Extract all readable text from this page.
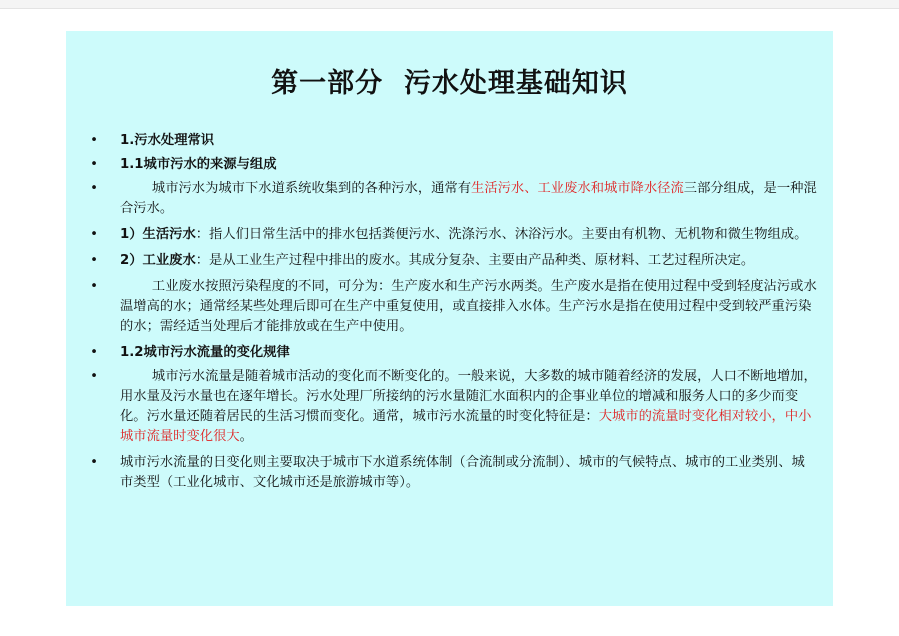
第一部分  污水处理基础知识
• 1.污水处理常识
• 1.1城市污水的来源与组成
•	城市污水为城市下水道系统收集到的各种污水，通常有生活污水、工业废水和城市降水径流三部分组成，是一种混合污水。
• 1）生活污水：指人们日常生活中的排水包括粪便污水、洗涤污水、沐浴污水。主要由有机物、无机物和微生物组成。
• 2）工业废水：是从工业生产过程中排出的废水。其成分复杂、主要由产品种类、原材料、工艺过程所决定。
•	工业废水按照污染程度的不同，可分为：生产废水和生产污水两类。生产废水是指在使用过程中受到轻度沾污或水温增高的水；通常经某些处理后即可在生产中重复使用，或直接排入水体。生产污水是指在使用过程中受到较严重污染的水；需经适当处理后才能排放或在生产中使用。
• 1.2城市污水流量的变化规律
•	城市污水流量是随着城市活动的变化而不断变化的。一般来说，大多数的城市随着经济的发展，人口不断地增加，用水量及污水量也在逐年增长。污水处理厂所接纳的污水量随汇水面积内的企事业单位的增减和服务人口的多少而变化。污水量还随着居民的生活习惯而变化。通常，城市污水流量的时变化特征是：大城市的流量时变化相对较小，中小城市流量时变化很大。
• 城市污水流量的日变化则主要取决于城市下水道系统体制（合流制或分流制）、城市的气候特点、城市的工业类别、城市类型（工业化城市、文化城市还是旅游城市等）。
